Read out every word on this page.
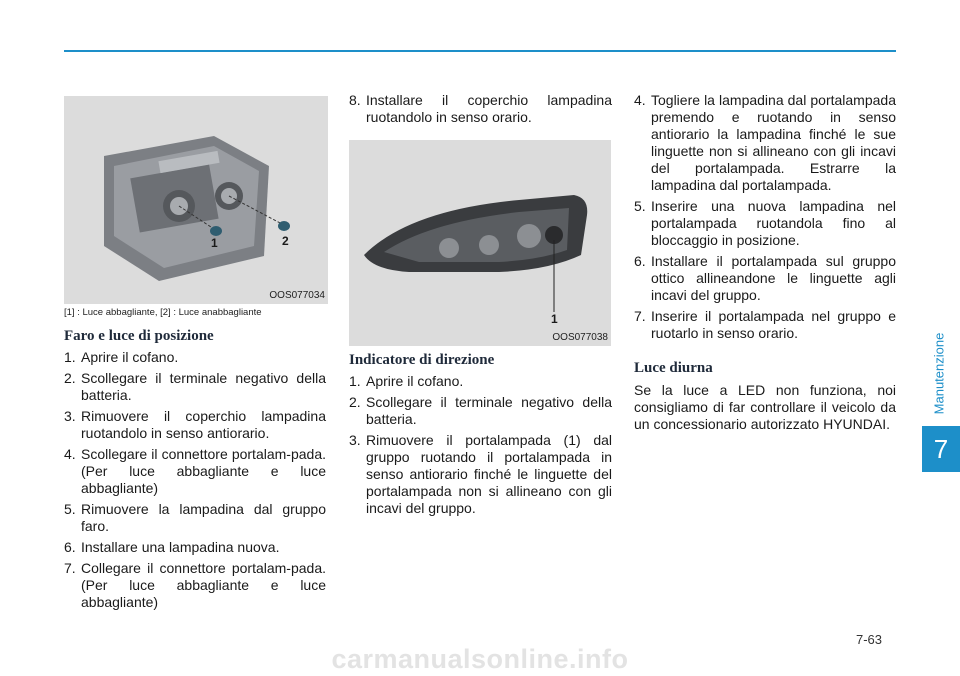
1	2
OOS077034

[1] : Luce abbagliante, [2] : Luce anabbagliante

Faro e luce di posizione

1. Aprire il cofano.
2. Scollegare il terminale negativo della batteria.
3. Rimuovere il coperchio lampadina ruotandolo in senso antiorario.
4. Scollegare il connettore portalam-pada. (Per luce abbagliante e luce abbagliante)
5. Rimuovere la lampadina dal gruppo faro.
6. Installare una lampadina nuova.
7. Collegare il connettore portalam-pada. (Per luce abbagliante e luce abbagliante)
8. Installare il coperchio lampadina ruotandolo in senso orario.
1
OOS077038

Indicatore di direzione

1. Aprire il cofano.
2. Scollegare il terminale negativo della batteria.
3. Rimuovere il portalampada (1) dal gruppo ruotando il portalampada in senso antiorario finché le linguette del portalampada non si allineano con gli incavi del gruppo.
4. Togliere la lampadina dal portalampada premendo e ruotando in senso antiorario la lampadina finché le sue linguette non si allineano con gli incavi del portalampada. Estrarre la lampadina dal portalampada.
5. Inserire una nuova lampadina nel portalampada ruotandola fino al bloccaggio in posizione.
6. Installare il portalampada sul gruppo ottico allineandone le linguette agli incavi del gruppo.
7. Inserire il portalampada nel gruppo e ruotarlo in senso orario.

Luce diurna

Se la luce a LED non funziona, noi consigliamo di far controllare il veicolo da un concessionario autorizzato HYUNDAI.

Manutenzione
7
7-63
carmanualsonline.info
